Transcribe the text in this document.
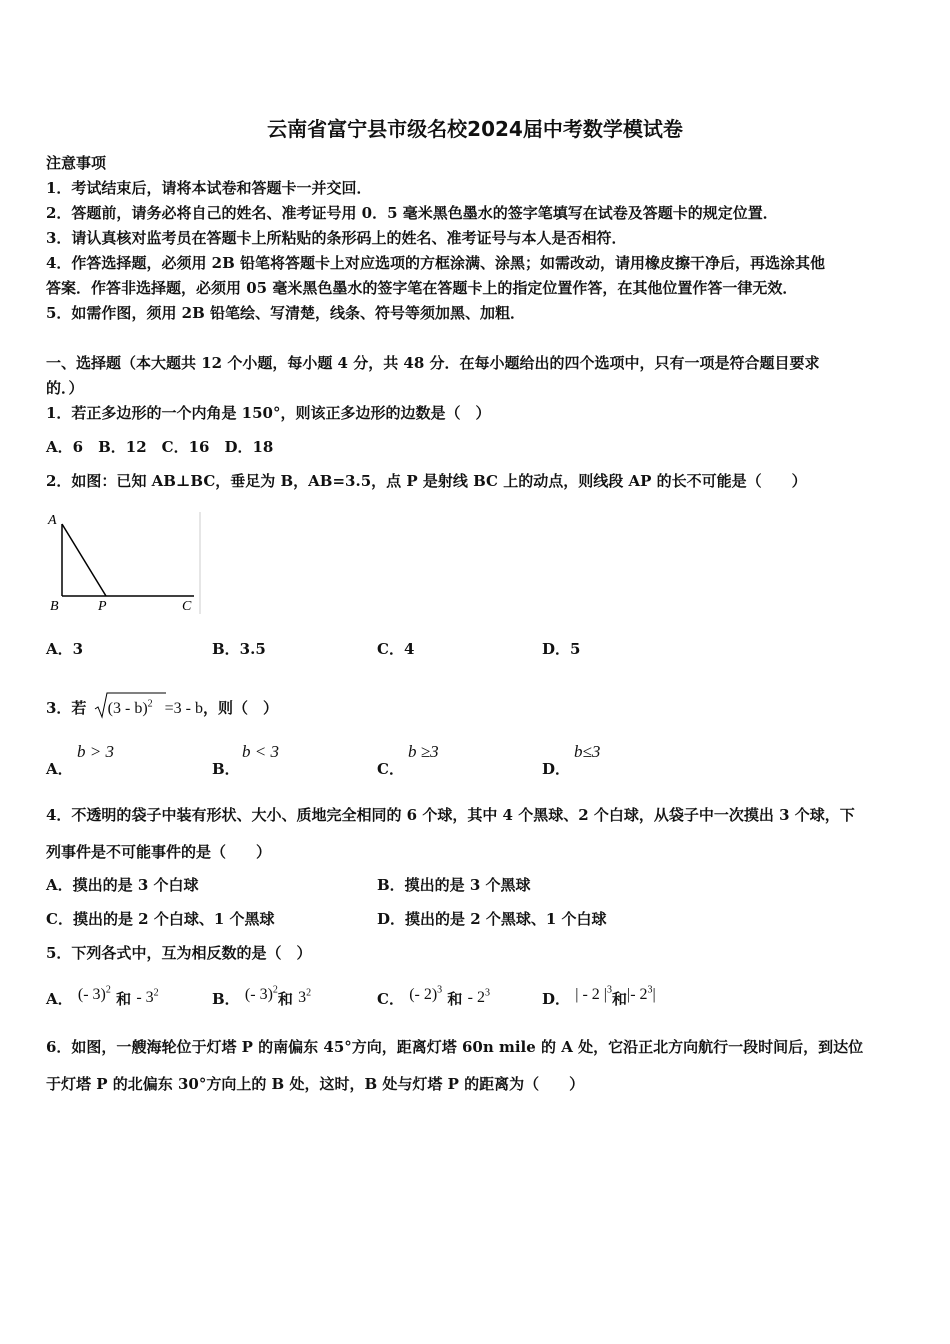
云南省富宁县市级名校2024届中考数学模试卷
注意事项
1．考试结束后，请将本试卷和答题卡一并交回．
2．答题前，请务必将自己的姓名、准考证号用 0．5 毫米黑色墨水的签字笔填写在试卷及答题卡的规定位置．
3．请认真核对监考员在答题卡上所粘贴的条形码上的姓名、准考证号与本人是否相符．
4．作答选择题，必须用 2B 铅笔将答题卡上对应选项的方框涂满、涂黑；如需改动，请用橡皮擦干净后，再选涂其他
答案．作答非选择题，必须用 05 毫米黑色墨水的签字笔在答题卡上的指定位置作答，在其他位置作答一律无效．
5．如需作图，须用 2B 铅笔绘、写清楚，线条、符号等须加黑、加粗．
一、选择题（本大题共 12 个小题，每小题 4 分，共 48 分．在每小题给出的四个选项中，只有一项是符合题目要求
的．）
1．若正多边形的一个内角是 150°，则该正多边形的边数是（　）
A．6　B．12　C．16　D．18
2．如图：已知 AB⊥BC，垂足为 B，AB=3.5，点 P 是射线 BC 上的动点，则线段 AP 的长不可能是（　　）
A
B	P	C
A．3	B．3.5	C．4	D．5
3．若 (3 - b)$^2$ =3 - b，则（　）
A．
b > 3
B．
b < 3
C．
b ≥3
D．
b≤3
4．不透明的袋子中装有形状、大小、质地完全相同的 6 个球，其中 4 个黑球、2 个白球，从袋子中一次摸出 3 个球，下
列事件是不可能事件的是（　　）
A．摸出的是 3 个白球	B．摸出的是 3 个黑球
C．摸出的是 2 个白球、1 个黑球	D．摸出的是 2 个黑球、1 个白球
5．下列各式中，互为相反数的是（　）
A． (- 3)$^2$ 和 - $3^2$	B． (- 3)$^2$和 $3^2$	C． (- 2)$^3$ 和 - $2^3$	D． | - 2 $|^3$和|- $2^3|$
6．如图，一艘海轮位于灯塔 P 的南偏东 45°方向，距离灯塔 60n mile 的 A 处，它沿正北方向航行一段时间后，到达位
于灯塔 P 的北偏东 30°方向上的 B 处，这时，B 处与灯塔 P 的距离为（　　）
